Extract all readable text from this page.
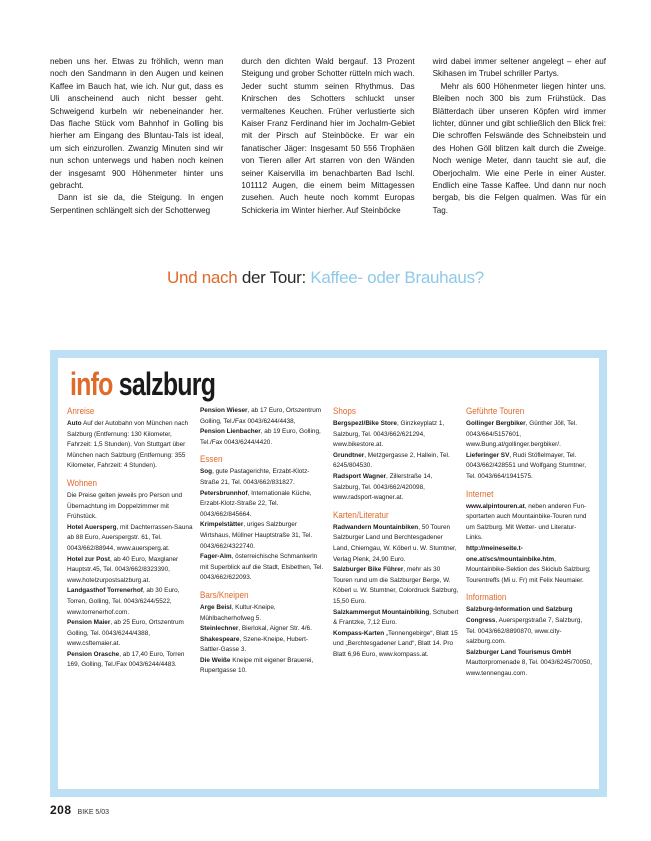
neben uns her. Etwas zu fröhlich, wenn man noch den Sandmann in den Augen und keinen Kaffee im Bauch hat, wie ich. Nur gut, dass es Uli anscheinend auch nicht besser geht. Schweigend kurbeln wir nebeneinander her. Das flache Stück vom Bahnhof in Golling bis hierher am Eingang des Bluntau-Tals ist ideal, um sich einzurollen. Zwanzig Minuten sind wir nun schon unterwegs und haben noch keinen der insgesamt 900 Höhenmeter hinter uns gebracht.

Dann ist sie da, die Steigung. In engen Serpentinen schlängelt sich der Schotterweg

durch den dichten Wald bergauf. 13 Prozent Steigung und grober Schotter rütteln mich wach. Jeder sucht stumm seinen Rhythmus. Das Knirschen des Schotters schluckt unser vermaltenes Keuchen. Früher verlustierte sich Kaiser Franz Ferdinand hier im Jochalm-Gebiet mit der Pirsch auf Steinböcke. Er war ein fanatischer Jäger: Insgesamt 50 556 Trophäen von Tieren aller Art starren von den Wänden seiner Kaiservilla im benachbarten Bad Ischl. 101112 Augen, die einem beim Mittagessen zusehen. Auch heute noch kommt Europas Schickeria im Winter hierher. Auf Steinböcke

wird dabei immer seltener angelegt – eher auf Skihasen im Trubel schriller Partys.

Mehr als 600 Höhenmeter liegen hinter uns. Bleiben noch 300 bis zum Frühstück. Das Blätterdach über unseren Köpfen wird immer lichter, dünner und gibt schließlich den Blick frei: Die schroffen Felswände des Schneibstein und des Hohen Göll blitzen kalt durch die Zweige. Noch wenige Meter, dann taucht sie auf, die Oberjochalm. Wie eine Perle in einer Auster. Endlich eine Tasse Kaffee. Und dann nur noch bergab, bis die Felgen qualmen. Was für ein Tag.

Und nach der Tour: Kaffee- oder Brauhaus?
info salzburg
Anreise

Auto Auf der Autobahn von München nach Salzburg (Entfernung: 130 Kilometer, Fahrzeit: 1,5 Stunden). Von Stuttgart über München nach Salzburg (Entfernung: 355 Kilometer, Fahrzeit: 4 Stunden).

Wohnen

Die Preise gelten jeweils pro Person und Übernachtung im Doppelzimmer mit Frühstück.

Hotel Auersperg, mit Dachterrassen-Sauna ab 88 Euro, Auerspergstr. 61, Tel. 0043/662/88944, www.auersperg.at.

Hotel zur Post, ab 40 Euro, Maxglaner Hauptstr.45, Tel. 0043/662/8323390, www.hotelzurpostsalzburg.at.

Landgasthof Torrenerhof, ab 30 Euro, Torren, Golling, Tel. 0043/6244/5522, www.torrenerhof.com.

Pension Maier, ab 25 Euro, Ortszentrum Golling, Tel. 0043/6244/4388, www.csftemaier.at.

Pension Orasche, ab 17,40 Euro, Torren 169, Golling, Tel./Fax 0043/6244/4483.

Pension Wieser, ab 17 Euro, Ortszentrum Golling, Tel./Fax 0043/6244/4438,

Pension Lienbacher, ab 19 Euro, Golling, Tel./Fax 0043/6244/4420.

Essen

Sog, gute Pastagerichte, Erzabt-Klotz-Straße 21, Tel. 0043/662/831827.

Petersbrunnhof, Internationale Küche, Erzabt-Klotz-Straße 22, Tel. 0043/662/845664.

Krimpelstätter, uriges Salzburger Wirtshaus, Müllner Hauptstraße 31, Tel. 0043/662/4322740.

Fager-Alm, österreichische Schmankerln mit Superblick auf die Stadt, Elsbethen, Tel. 0043/662/622093.

Bars/Kneipen

Arge Beisl, Kultur-Kneipe, Mühlbacherhofweg 5.

Steinlechner, Bierlokal, Aigner Str. 4/6.

Shakespeare, Szene-Kneipe, Hubert-Sattler-Gasse 3.

Die Weiße Kneipe mit eigener Brauerei, Rupertgasse 10.

Shops

Bergspezl/Bike Store, Ginzkeyplatz 1, Salzburg, Tel. 0043/662/621294, www.bikestore.at.

Grundtner, Metzgergasse 2, Hallein, Tel. 6245/804530.

Radsport Wagner, Zillerstraße 14, Salzburg, Tel. 0043/662/420098, www.radsport-wagner.at.

Karten/Literatur

Radwandern Mountainbiken, 50 Touren Salzburger Land und Berchtesgadener Land, Chiemgau, W. Köberl u. W. Stumtner, Verlag Plenk, 24,90 Euro.

Salzburger Bike Führer, mehr als 30 Touren rund um die Salzburger Berge, W. Köberl u. W. Stumtner, Colordruck Salzburg, 15,50 Euro.

Salzkammergut Mountainbiking, Schubert & Frantzke, 7,12 Euro.

Kompass-Karten „Tennengebirge“, Blatt 15 und „Berchtesgadener Land“, Blatt 14. Pro Blatt 6,96 Euro, www.kompass.at.

Geführte Touren

Gollinger Bergbiker, Günther Jöll, Tel. 0043/664/5157601, www.Bung.at/gollinger.bergbiker/.

Lieferinger SV, Rudi Stöflelmayer, Tel. 0043/662/428551 und Wolfgang Stumtner, Tel. 0043/664/1941575.

Internet

www.alpintouren.at, neben anderen Fun-sportarten auch Mountainbike-Touren rund um Salzburg. Mit Wetter- und Literatur-Links.

http://meineseite.t-one.at/scs/mountainbike.htm, Mountainbike-Sektion des Skiclub Salzburg; Tourentreffs (Mi u. Fr) mit Felix Neumaier.

Information

Salzburg-Information und Salzburg Congress, Auerspergstraße 7, Salzburg, Tel. 0043/662/8890870, www.city-salzburg.com.

Salzburger Land Tourismus GmbH Mauttorpromenade 8, Tel. 0043/6245/70050, www.tennengau.com.

208 BIKE 5/03
